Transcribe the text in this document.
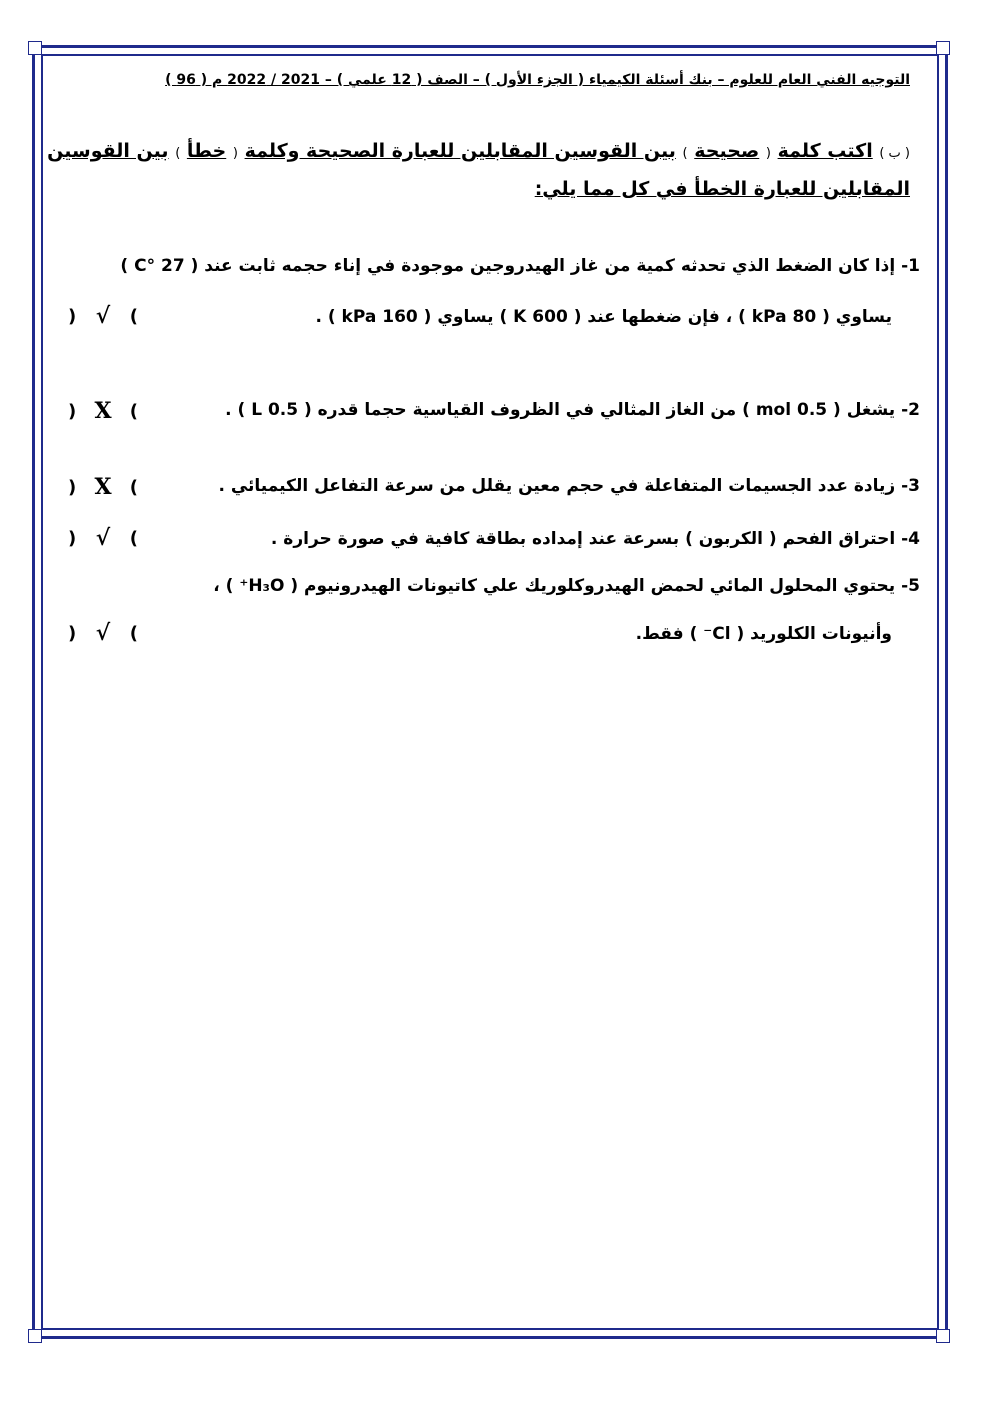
التوجيه الفني العام للعلوم – بنك أسئلة الكيمياء ( الجزء الأول ) – الصف ( 12 علمي ) – 2021 / 2022 م ( 96 )
( ب ) اكتب كلمة ( صحيحة ) بين القوسين المقابلين للعبارة الصحيحة وكلمة ( خطأ ) بين القوسين
المقابلين للعبارة الخطأ في كل مما يلي:
1- إذا كان الضغط الذي تحدثه كمية من غاز الهيدروجين موجودة في إناء حجمه ثابت عند ( 27 °C )
يساوي ( 80 kPa ) ، فإن ضغطها عند ( 600 K ) يساوي ( 160 kPa ) .
) √ (
2- يشغل ( 0.5 mol ) من الغاز المثالي في الظروف القياسية حجما قدره ( 0.5 L ) .
) X (
3- زيادة عدد الجسيمات المتفاعلة في حجم معين يقلل من سرعة التفاعل الكيميائي .
) X (
4- احتراق الفحم ( الكربون ) بسرعة عند إمداده بطاقة كافية في صورة حرارة .
) √ (
5- يحتوي المحلول المائي لحمض الهيدروكلوريك علي كاتيونات الهيدرونيوم ( H₃O⁺ ) ،
وأنيونات الكلوريد ( Cl⁻ ) فقط.
) √ (
